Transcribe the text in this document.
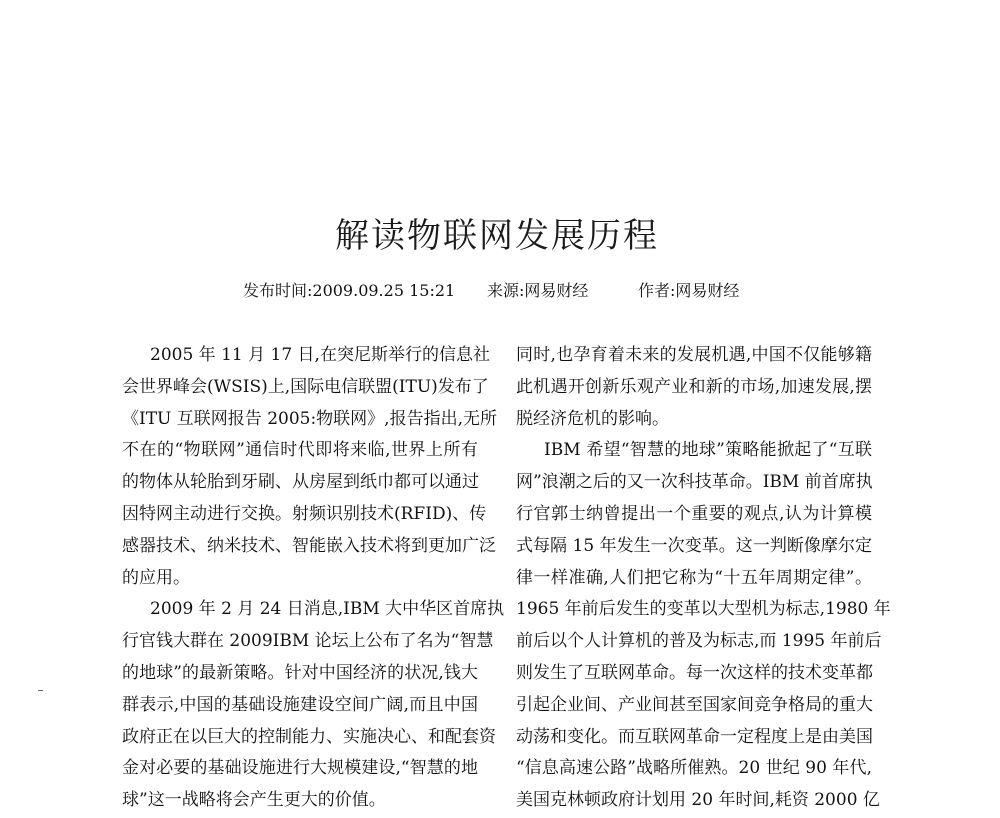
解读物联网发展历程
发布时间:2009.09.25 15:21 来源:网易财经	作者:网易财经
2005 年 11 月 17 日,在突尼斯举行的信息社
会世界峰会(WSIS)上,国际电信联盟(ITU)发布了
《ITU 互联网报告 2005:物联网》,报告指出,无所
不在的“物联网”通信时代即将来临,世界上所有
的物体从轮胎到牙刷、从房屋到纸巾都可以通过
因特网主动进行交换。射频识别技术(RFID)、传
感器技术、纳米技术、智能嵌入技术将到更加广泛
的应用。
2009 年 2 月 24 日消息,IBM 大中华区首席执
行官钱大群在 2009IBM 论坛上公布了名为“智慧
的地球”的最新策略。针对中国经济的状况,钱大
群表示,中国的基础设施建设空间广阔,而且中国
政府正在以巨大的控制能力、实施决心、和配套资
金对必要的基础设施进行大规模建设,“智慧的地
球”这一战略将会产生更大的价值。
同时,也孕育着未来的发展机遇,中国不仅能够籍
此机遇开创新乐观产业和新的市场,加速发展,摆
脱经济危机的影响。
IBM 希望“智慧的地球”策略能掀起了“互联
网”浪潮之后的又一次科技革命。IBM 前首席执
行官郭士纳曾提出一个重要的观点,认为计算模
式每隔 15 年发生一次变革。这一判断像摩尔定
律一样准确,人们把它称为“十五年周期定律”。
1965 年前后发生的变革以大型机为标志,1980 年
前后以个人计算机的普及为标志,而 1995 年前后
则发生了互联网革命。每一次这样的技术变革都
引起企业间、产业间甚至国家间竞争格局的重大
动荡和变化。而互联网革命一定程度上是由美国
“信息高速公路”战略所催熟。20 世纪 90 年代,
美国克林顿政府计划用 20 年时间,耗资 2000 亿
